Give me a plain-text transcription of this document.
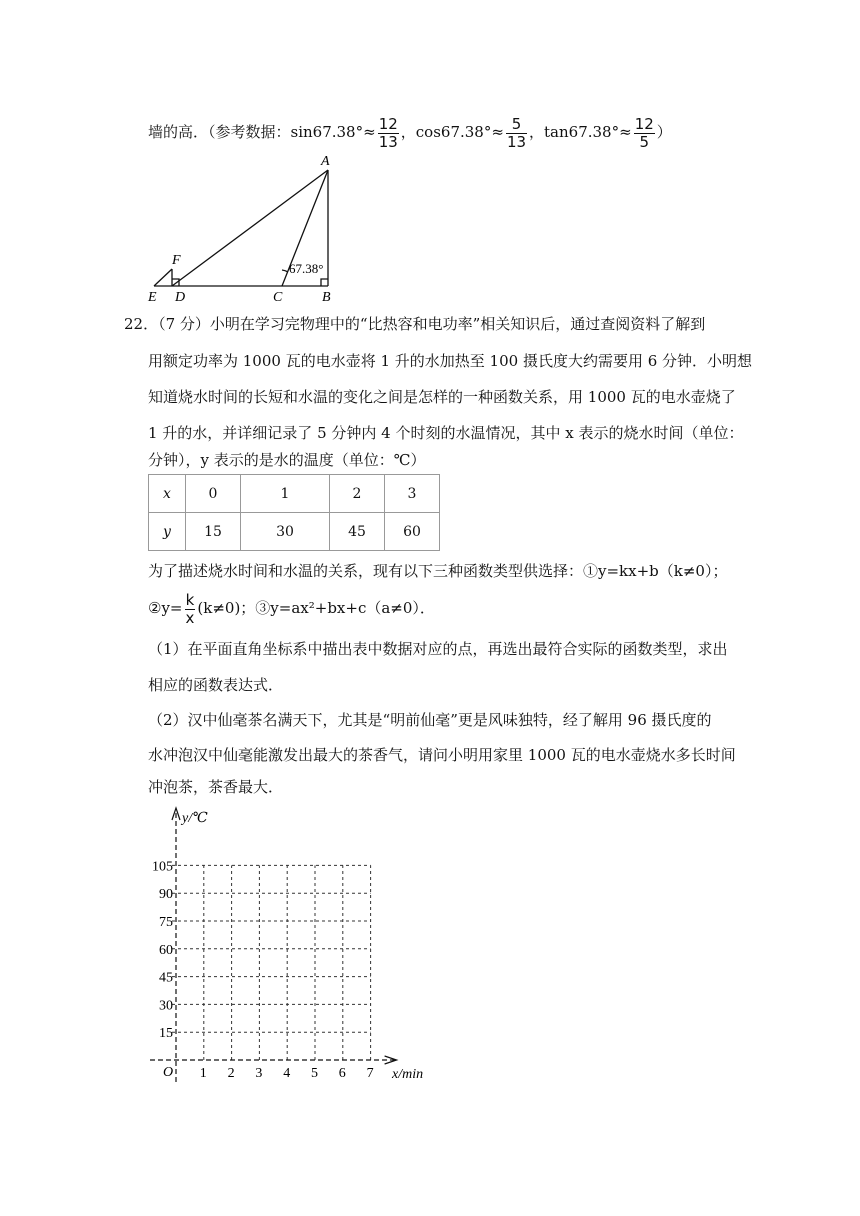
墙的高．（参考数据：$\sin 67.38^\circ\approx \frac{12}{13}$ ，$\cos 67.38^\circ\approx \frac{5}{13}$ ，$\tan 67.38^\circ\approx \frac{12}{5}$ ）
A
F
E D	C	B
67.38°
22．（7 分）小明在学习完物理中的“比热容和电功率”相关知识后，通过查阅资料了解到
用额定功率为 1000 瓦的电水壶将 1 升的水加热至 100 摄氏度大约需要用 6 分钟．小明想
知道烧水时间的长短和水温的变化之间是怎样的一种函数关系，用 1000 瓦的电水壶烧了
1 升的水，并详细记录了 5 分钟内 4 个时刻的水温情况，其中 x 表示的烧水时间（单位：
分钟），y 表示的是水的温度（单位：℃）
x	0	1	2	3
y	15	30	45	60
为了描述烧水时间和水温的关系，现有以下三种函数类型供选择：①y=kx+b（k≠0）；
②y= $\frac{k}{x} (k\ne 0)$；③y=ax²+bx+c（a≠0）．
（1）在平面直角坐标系中描出表中数据对应的点，再选出最符合实际的函数类型，求出
相应的函数表达式．
（2）汉中仙毫茶名满天下，尤其是“明前仙毫”更是风味独特，经了解用 96 摄氏度的
水冲泡汉中仙毫能激发出最大的茶香气，请问小明用家里 1000 瓦的电水壶烧水多长时间
冲泡茶，茶香最大．
y/℃
x/min
O 1 2 3 4 5 6 7
15
30
45
60
75
90
105
